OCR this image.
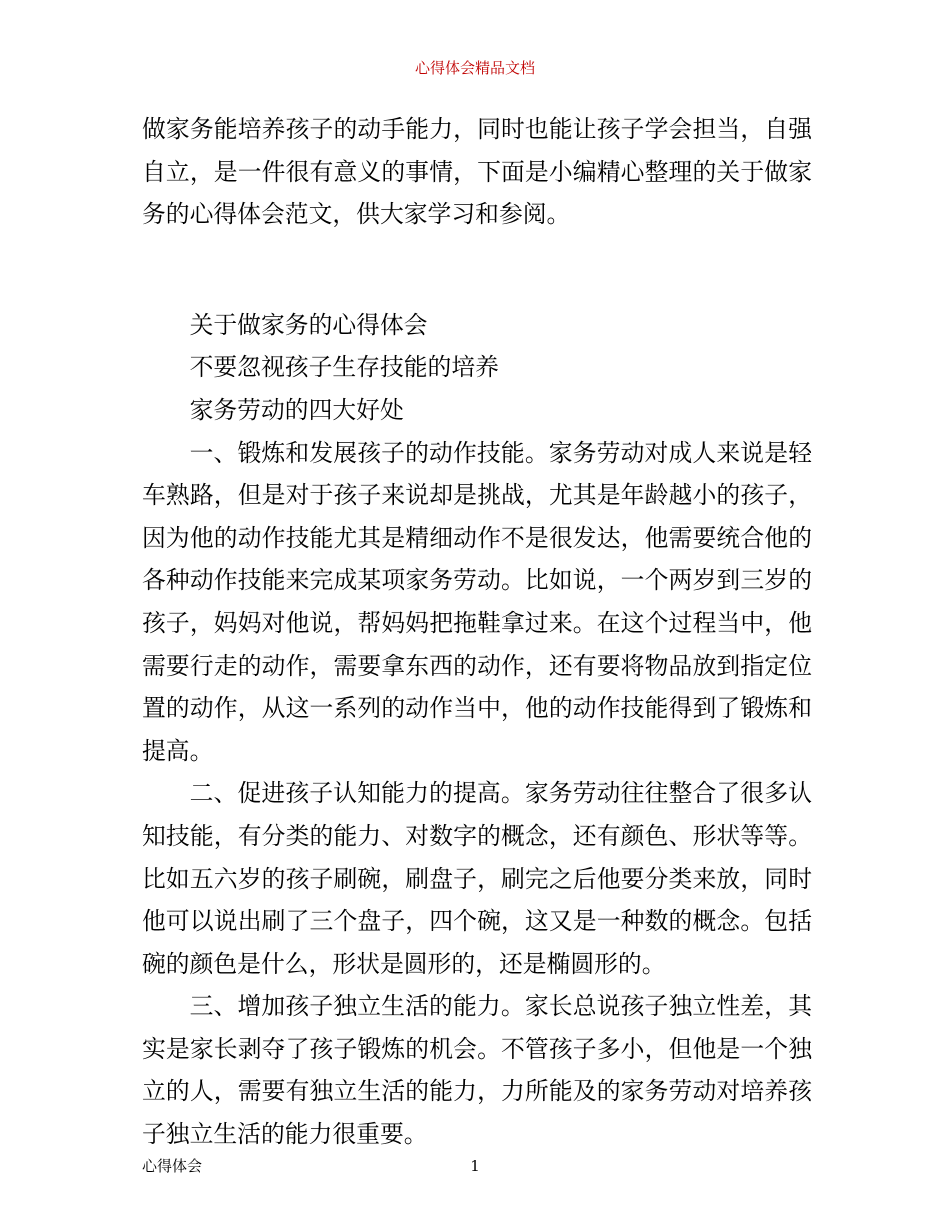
心得体会精品文档

做家务能培养孩子的动手能力，同时也能让孩子学会担当，自强自立，是一件很有意义的事情，下面是小编精心整理的关于做家务的心得体会范文，供大家学习和参阅。

关于做家务的心得体会

不要忽视孩子生存技能的培养

家务劳动的四大好处

一、锻炼和发展孩子的动作技能。家务劳动对成人来说是轻车熟路，但是对于孩子来说却是挑战，尤其是年龄越小的孩子，因为他的动作技能尤其是精细动作不是很发达，他需要统合他的各种动作技能来完成某项家务劳动。比如说，一个两岁到三岁的孩子，妈妈对他说，帮妈妈把拖鞋拿过来。在这个过程当中，他需要行走的动作，需要拿东西的动作，还有要将物品放到指定位置的动作，从这一系列的动作当中，他的动作技能得到了锻炼和提高。

二、促进孩子认知能力的提高。家务劳动往往整合了很多认知技能，有分类的能力、对数字的概念，还有颜色、形状等等。比如五六岁的孩子刷碗，刷盘子，刷完之后他要分类来放，同时他可以说出刷了三个盘子，四个碗，这又是一种数的概念。包括碗的颜色是什么，形状是圆形的，还是椭圆形的。

三、增加孩子独立生活的能力。家长总说孩子独立性差，其实是家长剥夺了孩子锻炼的机会。不管孩子多小，但他是一个独立的人，需要有独立生活的能力，力所能及的家务劳动对培养孩子独立生活的能力很重要。

心得体会	1
